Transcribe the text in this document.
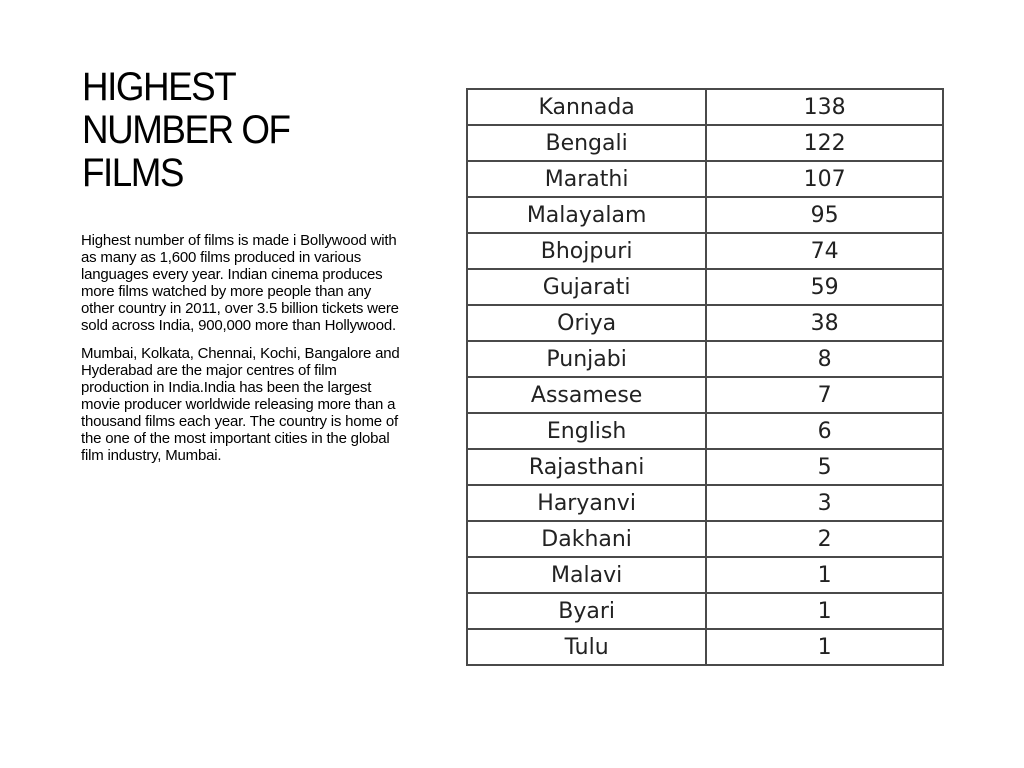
HIGHEST
NUMBER OF
FILMS

Highest number of films is made i Bollywood with as many as 1,600 films produced in various languages every year. Indian cinema produces more films watched by more people than any other country in 2011, over 3.5 billion tickets were sold across India, 900,000 more than Hollywood.

Mumbai, Kolkata, Chennai, Kochi, Bangalore and Hyderabad are the major centres of film production in India.India has been the largest movie producer worldwide releasing more than a thousand films each year. The country is home of the one of the most important cities in the global film industry, Mumbai.

Kannada	138
Bengali	122
Marathi	107
Malayalam	95
Bhojpuri	74
Gujarati	59
Oriya	38
Punjabi	8
Assamese	7
English	6
Rajasthani	5
Haryanvi	3
Dakhani	2
Malavi	1
Byari	1
Tulu	1
